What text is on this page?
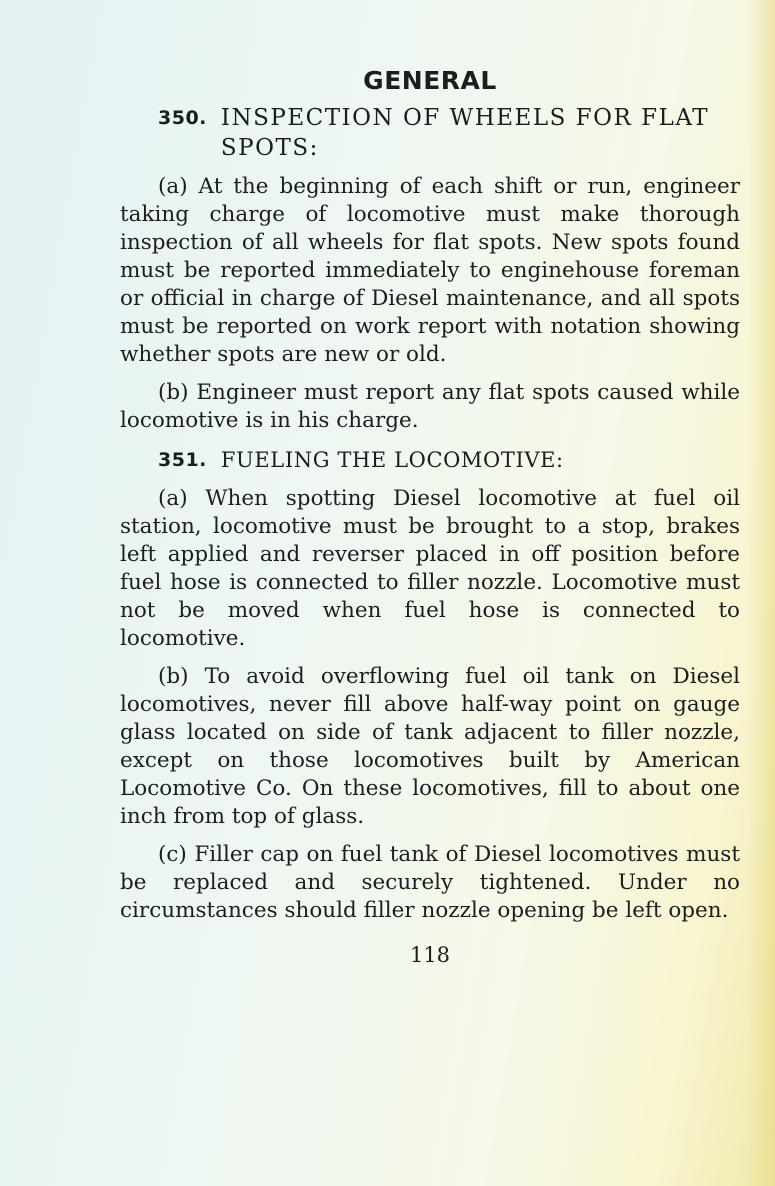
GENERAL
350. INSPECTION OF WHEELS FOR FLAT SPOTS:

(a) At the beginning of each shift or run, engineer taking charge of locomotive must make thorough inspection of all wheels for flat spots. New spots found must be reported immediately to enginehouse foreman or official in charge of Diesel maintenance, and all spots must be reported on work report with notation showing whether spots are new or old.

(b) Engineer must report any flat spots caused while locomotive is in his charge.

351. FUELING THE LOCOMOTIVE:

(a) When spotting Diesel locomotive at fuel oil station, locomotive must be brought to a stop, brakes left applied and reverser placed in off position before fuel hose is connected to filler nozzle. Locomotive must not be moved when fuel hose is connected to locomotive.

(b) To avoid overflowing fuel oil tank on Diesel locomotives, never fill above half-way point on gauge glass located on side of tank adjacent to filler nozzle, except on those locomotives built by American Locomotive Co. On these locomotives, fill to about one inch from top of glass.

(c) Filler cap on fuel tank of Diesel locomotives must be replaced and securely tightened. Under no circumstances should filler nozzle opening be left open.

118
